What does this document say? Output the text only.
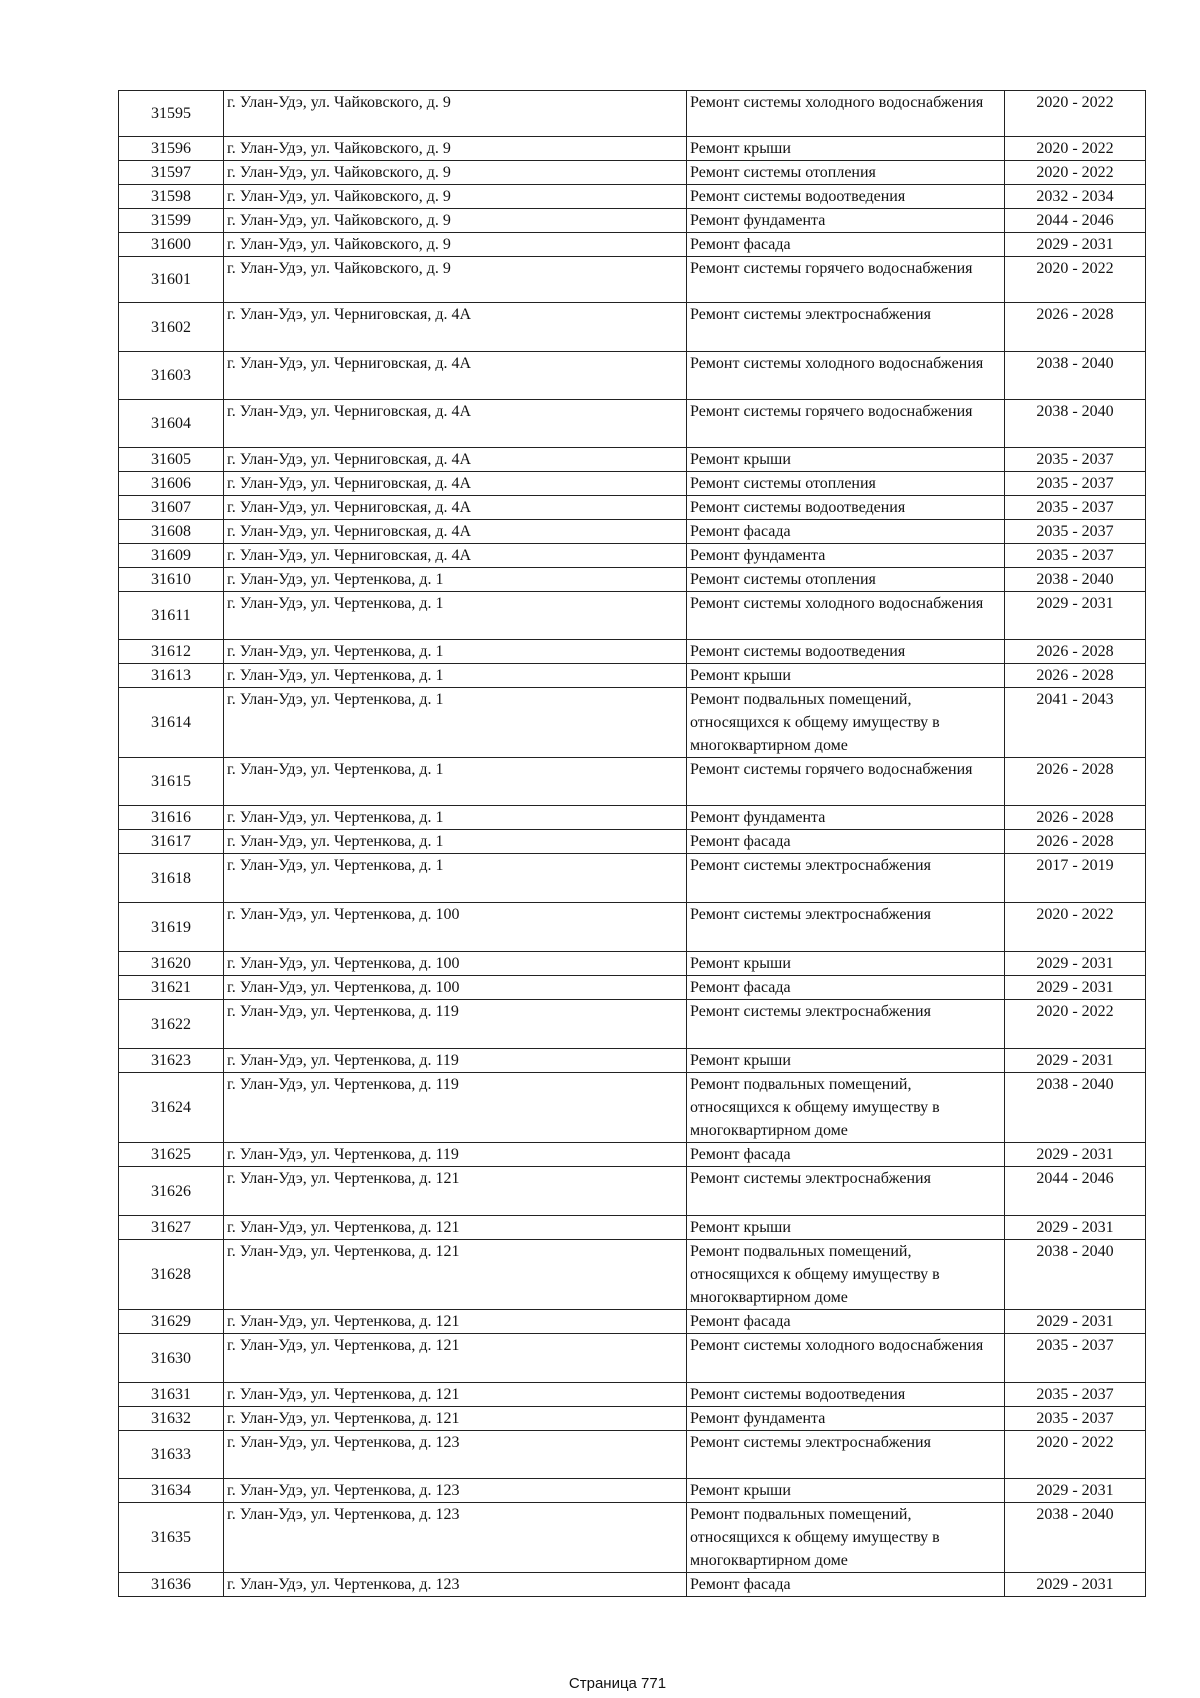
31595	г. Улан-Удэ, ул. Чайковского, д. 9	Ремонт системы холодного водоснабжения	2020 - 2022
31596	г. Улан-Удэ, ул. Чайковского, д. 9	Ремонт крыши	2020 - 2022
31597	г. Улан-Удэ, ул. Чайковского, д. 9	Ремонт системы отопления	2020 - 2022
31598	г. Улан-Удэ, ул. Чайковского, д. 9	Ремонт системы водоотведения	2032 - 2034
31599	г. Улан-Удэ, ул. Чайковского, д. 9	Ремонт фундамента	2044 - 2046
31600	г. Улан-Удэ, ул. Чайковского, д. 9	Ремонт фасада	2029 - 2031
31601	г. Улан-Удэ, ул. Чайковского, д. 9	Ремонт системы горячего водоснабжения	2020 - 2022
31602	г. Улан-Удэ, ул. Черниговская, д. 4А	Ремонт системы электроснабжения	2026 - 2028
31603	г. Улан-Удэ, ул. Черниговская, д. 4А	Ремонт системы холодного водоснабжения	2038 - 2040
31604	г. Улан-Удэ, ул. Черниговская, д. 4А	Ремонт системы горячего водоснабжения	2038 - 2040
31605	г. Улан-Удэ, ул. Черниговская, д. 4А	Ремонт крыши	2035 - 2037
31606	г. Улан-Удэ, ул. Черниговская, д. 4А	Ремонт системы отопления	2035 - 2037
31607	г. Улан-Удэ, ул. Черниговская, д. 4А	Ремонт системы водоотведения	2035 - 2037
31608	г. Улан-Удэ, ул. Черниговская, д. 4А	Ремонт фасада	2035 - 2037
31609	г. Улан-Удэ, ул. Черниговская, д. 4А	Ремонт фундамента	2035 - 2037
31610	г. Улан-Удэ, ул. Чертенкова, д. 1	Ремонт системы отопления	2038 - 2040
31611	г. Улан-Удэ, ул. Чертенкова, д. 1	Ремонт системы холодного водоснабжения	2029 - 2031
31612	г. Улан-Удэ, ул. Чертенкова, д. 1	Ремонт системы водоотведения	2026 - 2028
31613	г. Улан-Удэ, ул. Чертенкова, д. 1	Ремонт крыши	2026 - 2028
31614	г. Улан-Удэ, ул. Чертенкова, д. 1	Ремонт подвальных помещений, относящихся к общему имуществу в многоквартирном доме	2041 - 2043
31615	г. Улан-Удэ, ул. Чертенкова, д. 1	Ремонт системы горячего водоснабжения	2026 - 2028
31616	г. Улан-Удэ, ул. Чертенкова, д. 1	Ремонт фундамента	2026 - 2028
31617	г. Улан-Удэ, ул. Чертенкова, д. 1	Ремонт фасада	2026 - 2028
31618	г. Улан-Удэ, ул. Чертенкова, д. 1	Ремонт системы электроснабжения	2017 - 2019
31619	г. Улан-Удэ, ул. Чертенкова, д. 100	Ремонт системы электроснабжения	2020 - 2022
31620	г. Улан-Удэ, ул. Чертенкова, д. 100	Ремонт крыши	2029 - 2031
31621	г. Улан-Удэ, ул. Чертенкова, д. 100	Ремонт фасада	2029 - 2031
31622	г. Улан-Удэ, ул. Чертенкова, д. 119	Ремонт системы электроснабжения	2020 - 2022
31623	г. Улан-Удэ, ул. Чертенкова, д. 119	Ремонт крыши	2029 - 2031
31624	г. Улан-Удэ, ул. Чертенкова, д. 119	Ремонт подвальных помещений, относящихся к общему имуществу в многоквартирном доме	2038 - 2040
31625	г. Улан-Удэ, ул. Чертенкова, д. 119	Ремонт фасада	2029 - 2031
31626	г. Улан-Удэ, ул. Чертенкова, д. 121	Ремонт системы электроснабжения	2044 - 2046
31627	г. Улан-Удэ, ул. Чертенкова, д. 121	Ремонт крыши	2029 - 2031
31628	г. Улан-Удэ, ул. Чертенкова, д. 121	Ремонт подвальных помещений, относящихся к общему имуществу в многоквартирном доме	2038 - 2040
31629	г. Улан-Удэ, ул. Чертенкова, д. 121	Ремонт фасада	2029 - 2031
31630	г. Улан-Удэ, ул. Чертенкова, д. 121	Ремонт системы холодного водоснабжения	2035 - 2037
31631	г. Улан-Удэ, ул. Чертенкова, д. 121	Ремонт системы водоотведения	2035 - 2037
31632	г. Улан-Удэ, ул. Чертенкова, д. 121	Ремонт фундамента	2035 - 2037
31633	г. Улан-Удэ, ул. Чертенкова, д. 123	Ремонт системы электроснабжения	2020 - 2022
31634	г. Улан-Удэ, ул. Чертенкова, д. 123	Ремонт крыши	2029 - 2031
31635	г. Улан-Удэ, ул. Чертенкова, д. 123	Ремонт подвальных помещений, относящихся к общему имуществу в многоквартирном доме	2038 - 2040
31636	г. Улан-Удэ, ул. Чертенкова, д. 123	Ремонт фасада	2029 - 2031
Страница 771
